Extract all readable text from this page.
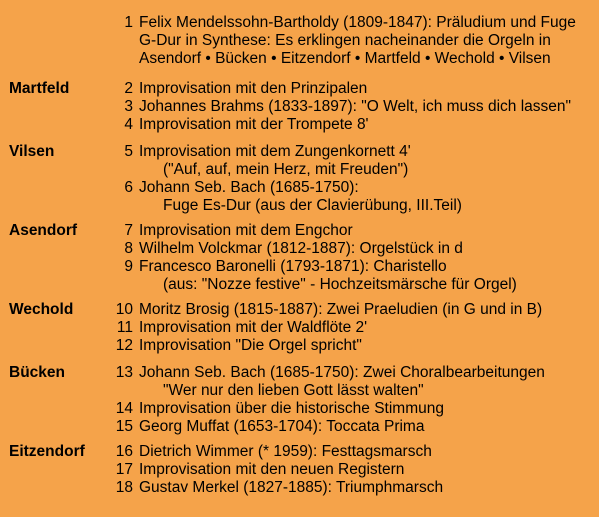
1 Felix Mendelssohn-Bartholdy (1809-1847): Präludium und Fuge
G-Dur in Synthese: Es erklingen nacheinander die Orgeln in
Asendorf • Bücken • Eitzendorf • Martfeld • Wechold • Vilsen
Martfeld	2 Improvisation mit den Prinzipalen
3 Johannes Brahms (1833-1897): "O Welt, ich muss dich lassen"
4 Improvisation mit der Trompete 8'
Vilsen	5 Improvisation mit dem Zungenkornett 4'
("Auf, auf, mein Herz, mit Freuden")
6 Johann Seb. Bach (1685-1750):
Fuge Es-Dur (aus der Clavierübung, III.Teil)
Asendorf	7 Improvisation mit dem Engchor
8 Wilhelm Volckmar (1812-1887): Orgelstück in d
9 Francesco Baronelli (1793-1871): Charistello
(aus: "Nozze festive" - Hochzeitsmärsche für Orgel)
Wechold	10 Moritz Brosig (1815-1887): Zwei Praeludien (in G und in B)
11 Improvisation mit der Waldflöte 2'
12 Improvisation "Die Orgel spricht"
Bücken	13 Johann Seb. Bach (1685-1750): Zwei Choralbearbeitungen
"Wer nur den lieben Gott lässt walten"
14 Improvisation über die historische Stimmung
15 Georg Muffat (1653-1704): Toccata Prima
Eitzendorf 16 Dietrich Wimmer (* 1959): Festtagsmarsch
17 Improvisation mit den neuen Registern
18 Gustav Merkel (1827-1885): Triumphmarsch
